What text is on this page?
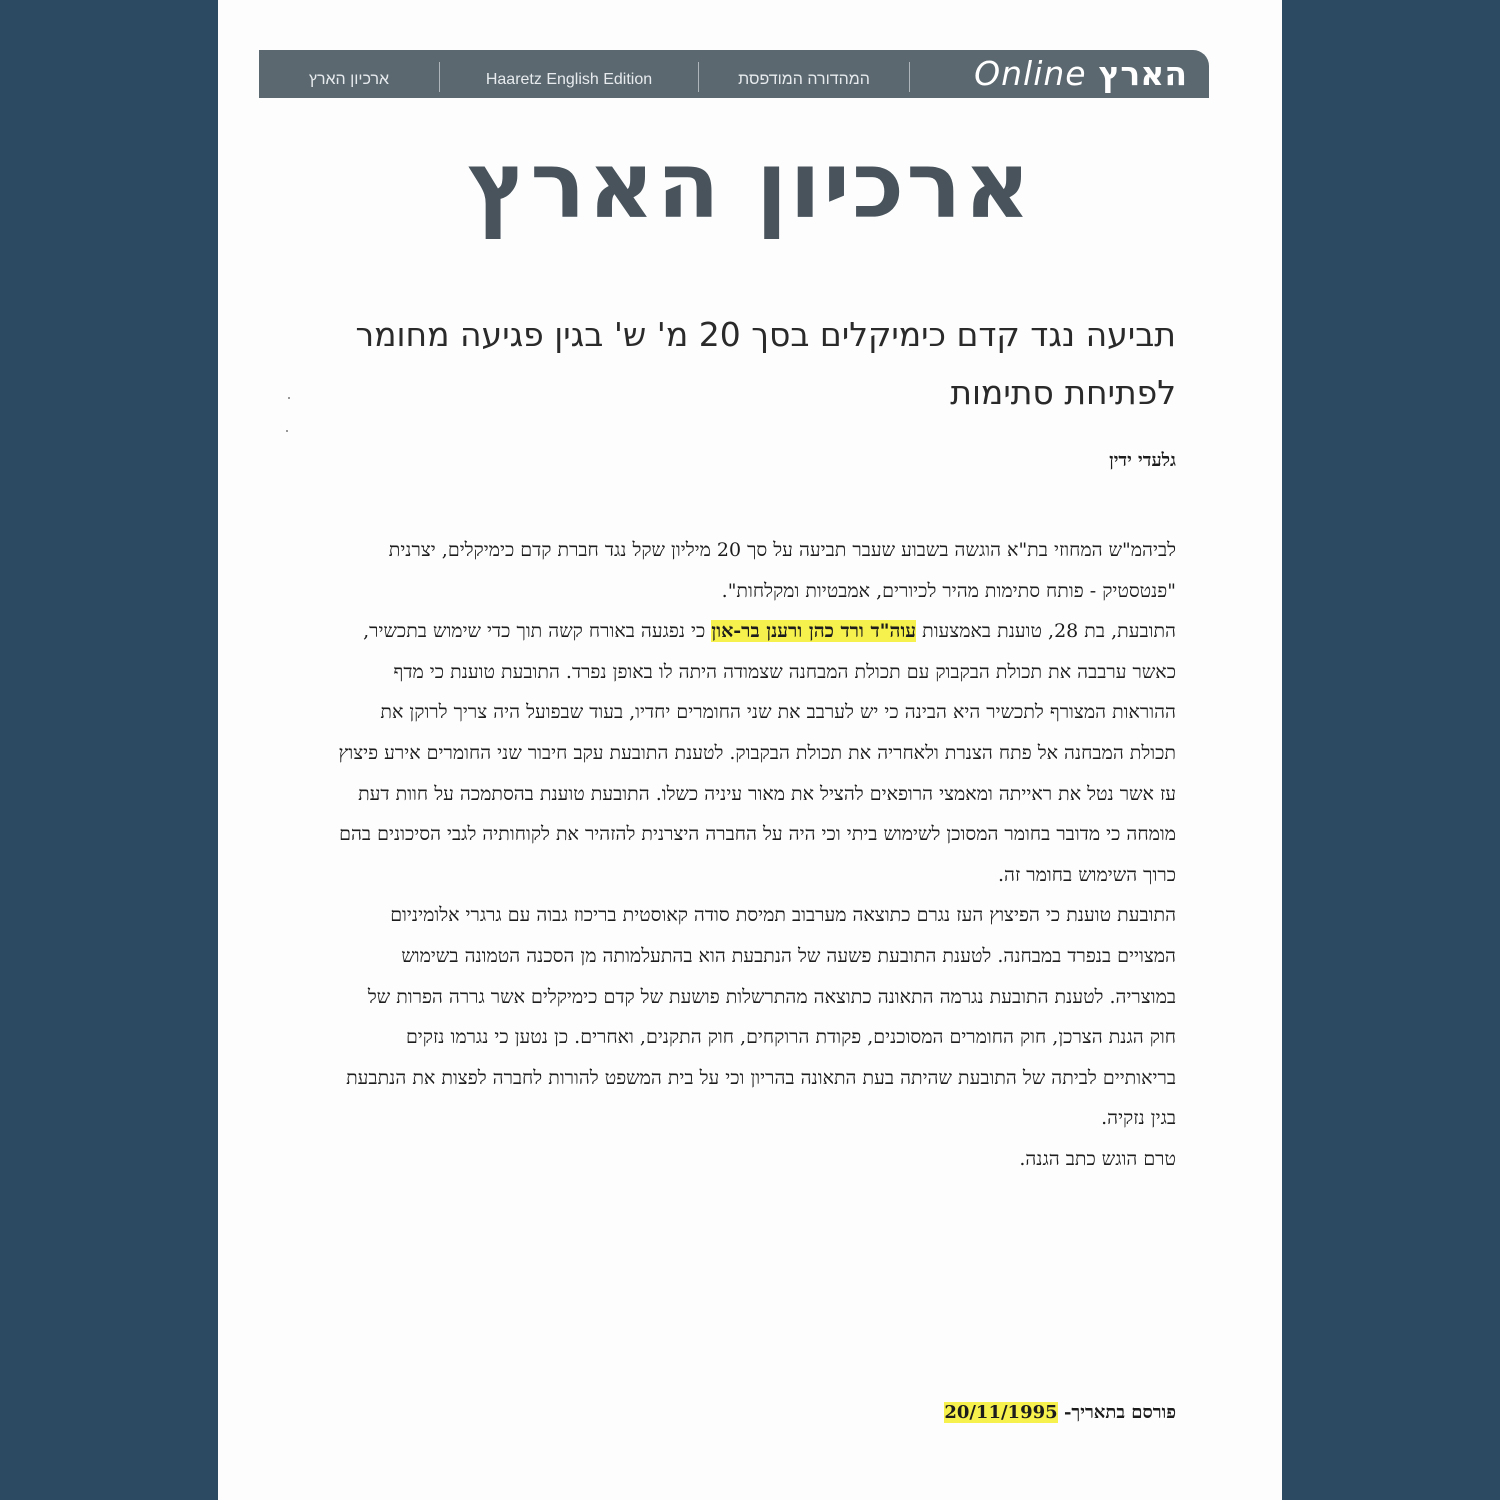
ארכיון הארץ	Haaretz English Edition	המהדורה המודפסת	Online הארץ
ארכיון הארץ
תביעה נגד קדם כימיקלים בסך 20 מ' ש' בגין פגיעה מחומר לפתיחת סתימות
גלעדי ידין

לביהמ"ש המחוזי בת"א הוגשה בשבוע שעבר תביעה על סך 20 מיליון שקל נגד חברת קדם כימיקלים, יצרנית "פנטסטיק - פותח סתימות מהיר לכיורים, אמבטיות ומקלחות".

התובעת, בת 28, טוענת באמצעות עוה"ד ורד כהן ורענן בר-און כי נפגעה באורח קשה תוך כדי שימוש בתכשיר, כאשר ערבבה את תכולת הבקבוק עם תכולת המבחנה שצמודה היתה לו באופן נפרד. התובעת טוענת כי מדף ההוראות המצורף לתכשיר היא הבינה כי יש לערבב את שני החומרים יחדיו, בעוד שבפועל היה צריך לרוקן את תכולת המבחנה אל פתח הצנרת ולאחריה את תכולת הבקבוק. לטענת התובעת עקב חיבור שני החומרים אירע פיצוץ עז אשר נטל את ראייתה ומאמצי הרופאים להציל את מאור עיניה כשלו. התובעת טוענת בהסתמכה על חוות דעת מומחה כי מדובר בחומר המסוכן לשימוש ביתי וכי היה על החברה היצרנית להזהיר את לקוחותיה לגבי הסיכונים בהם כרוך השימוש בחומר זה.

התובעת טוענת כי הפיצוץ העז נגרם כתוצאה מערבוב תמיסת סודה קאוסטית בריכוז גבוה עם גרגרי אלומיניום המצויים בנפרד במבחנה. לטענת התובעת פשעה של הנתבעת הוא בהתעלמותה מן הסכנה הטמונה בשימוש במוצריה. לטענת התובעת נגרמה התאונה כתוצאה מהתרשלות פושעת של קדם כימיקלים אשר גררה הפרות של חוק הגנת הצרכן, חוק החומרים המסוכנים, פקודת הרוקחים, חוק התקנים, ואחרים. כן נטען כי נגרמו נזקים בריאותיים לביתה של התובעת שהיתה בעת התאונה בהריון וכי על בית המשפט להורות לחברה לפצות את הנתבעת בגין נזקיה.

טרם הוגש כתב הגנה.

פורסם בתאריך- 20/11/1995
